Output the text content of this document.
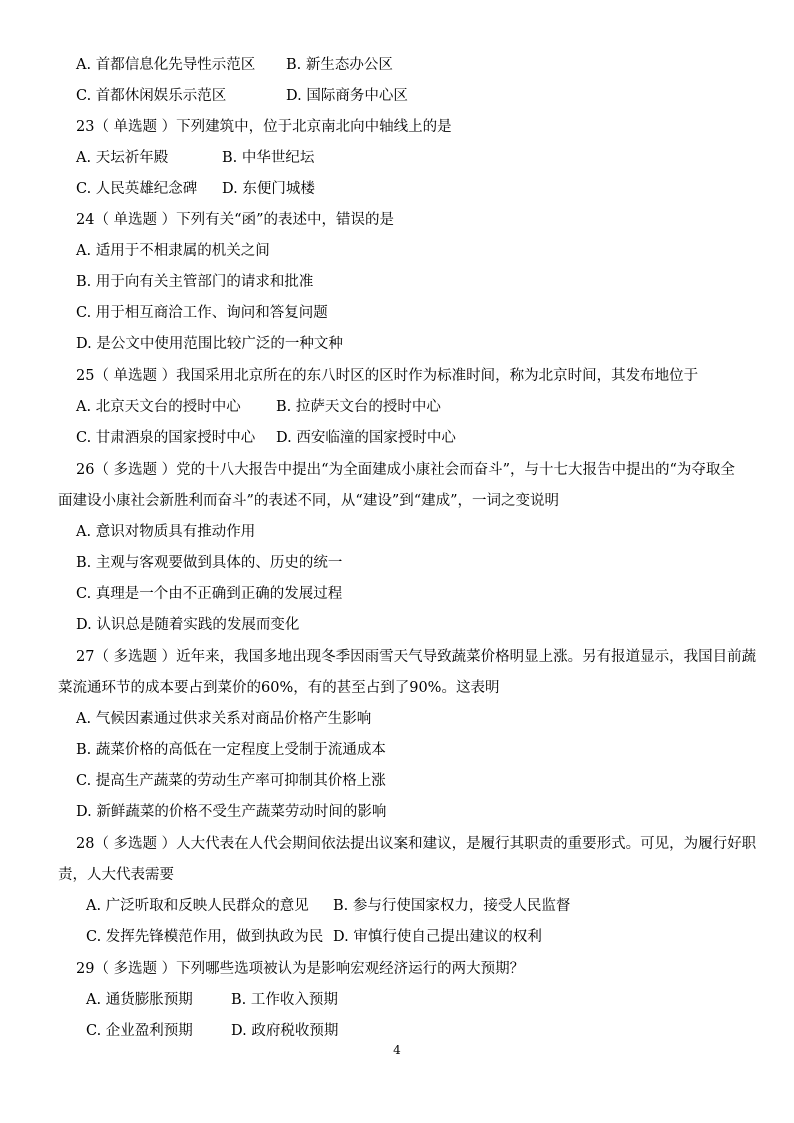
A. 首都信息化先导性示范区 B. 新生态办公区
C. 首都休闲娱乐示范区	D. 国际商务中心区
23（ 单选题 ）下列建筑中，位于北京南北向中轴线上的是
A. 天坛祈年殿	B. 中华世纪坛
C. 人民英雄纪念碑 D. 东便门城楼
24（ 单选题 ）下列有关“函”的表述中，错误的是
A. 适用于不相隶属的机关之间
B. 用于向有关主管部门的请求和批准
C. 用于相互商洽工作、询问和答复问题
D. 是公文中使用范围比较广泛的一种文种
25（ 单选题 ）我国采用北京所在的东八时区的区时作为标准时间，称为北京时间，其发布地位于
A. 北京天文台的授时中心 B. 拉萨天文台的授时中心
C. 甘肃酒泉的国家授时中心 D. 西安临潼的国家授时中心
26（ 多选题 ）党的十八大报告中提出“为全面建成小康社会而奋斗”，与十七大报告中提出的“为夺取全
面建设小康社会新胜利而奋斗”的表述不同，从“建设”到“建成”，一词之变说明
A. 意识对物质具有推动作用
B. 主观与客观要做到具体的、历史的统一
C. 真理是一个由不正确到正确的发展过程
D. 认识总是随着实践的发展而变化
27（ 多选题 ）近年来，我国多地出现冬季因雨雪天气导致蔬菜价格明显上涨。另有报道显示，我国目前蔬
菜流通环节的成本要占到菜价的60%，有的甚至占到了90%。这表明
A. 气候因素通过供求关系对商品价格产生影响
B. 蔬菜价格的高低在一定程度上受制于流通成本
C. 提高生产蔬菜的劳动生产率可抑制其价格上涨
D. 新鲜蔬菜的价格不受生产蔬菜劳动时间的影响
28（ 多选题 ）人大代表在人代会期间依法提出议案和建议，是履行其职责的重要形式。可见，为履行好职
责，人大代表需要
A. 广泛听取和反映人民群众的意见 B. 参与行使国家权力，接受人民监督
C. 发挥先锋模范作用，做到执政为民 D. 审慎行使自己提出建议的权利
29（ 多选题 ）下列哪些选项被认为是影响宏观经济运行的两大预期？
A. 通货膨胀预期	B. 工作收入预期
C. 企业盈利预期	D. 政府税收预期
4
